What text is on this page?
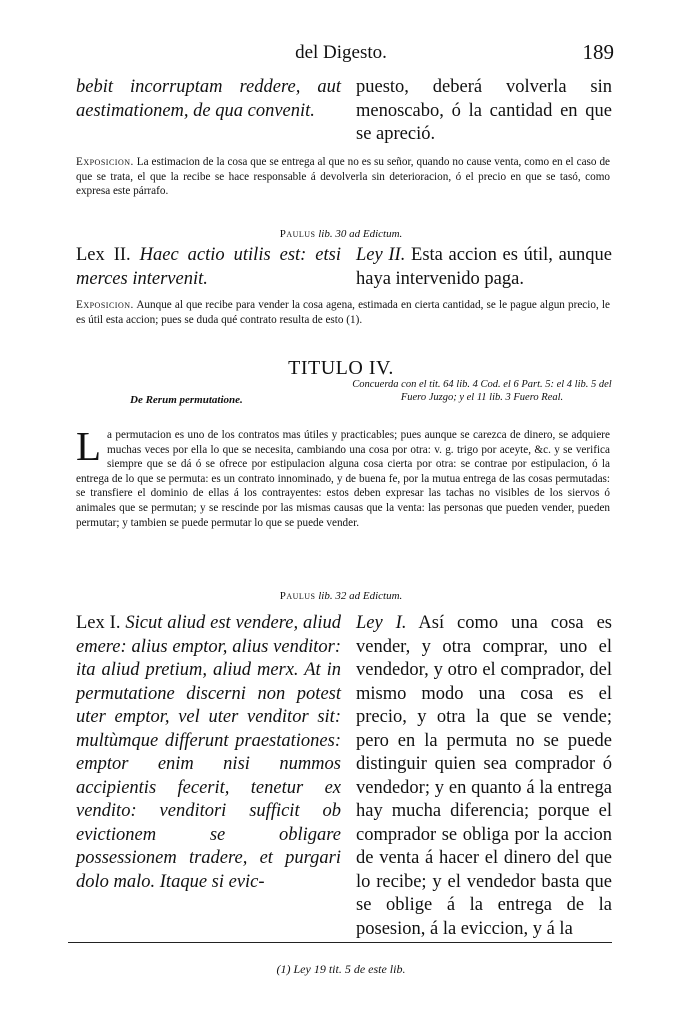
del Digesto.	189
bebit incorruptam reddere, aut aestimationem, de qua convenit.
puesto, deberá volverla sin menoscabo, ó la cantidad en que se apreció.
Exposicion. La estimacion de la cosa que se entrega al que no es su señor, quando no cause venta, como en el caso de que se trata, el que la recibe se hace responsable á devolverla sin deterioracion, ó el precio en que se tasó, como expresa este párrafo.
Paulus lib. 30 ad Edictum.
Lex II. Haec actio utilis est: etsi merces intervenit.
Ley II. Esta accion es útil, aunque haya intervenido paga.
Exposicion. Aunque al que recibe para vender la cosa agena, estimada en cierta cantidad, se le pague algun precio, le es útil esta accion; pues se duda qué contrato resulta de esto (1).
TITULO IV.
De Rerum permutatione.
Concuerda con el tit. 64 lib. 4 Cod. el 6 Part. 5: el 4 lib. 5 del Fuero Juzgo; y el 11 lib. 3 Fuero Real.
L a permutacion es uno de los contratos mas útiles y practicables; pues aunque se carezca de dinero, se adquiere muchas veces por ella lo que se necesita, cambiando una cosa por otra: v. g. trigo por aceyte, &c. y se verifica siempre que se dá ó se ofrece por estipulacion alguna cosa cierta por otra: se contrae por estipulacion, ó la entrega de lo que se permuta: es un contrato innominado, y de buena fe, por la mutua entrega de las cosas permutadas: se transfiere el dominio de ellas á los contrayentes: estos deben expresar las tachas no visibles de los siervos ó animales que se permutan; y se rescinde por las mismas causas que la venta: las personas que pueden vender, pueden permutar; y tambien se puede permutar lo que se puede vender.
Paulus lib. 32 ad Edictum.
Lex I. Sicut aliud est vendere, aliud emere: alius emptor, alius venditor: ita aliud pretium, aliud merx. At in permutatione discerni non potest uter emptor, vel uter venditor sit: multùmque differunt praestationes: emptor enim nisi nummos accipientis fecerit, tenetur ex vendito: venditori sufficit ob evictionem se obligare possessionem tradere, et purgari dolo malo. Itaque si evic-
Ley I. Así como una cosa es vender, y otra comprar, uno el vendedor, y otro el comprador, del mismo modo una cosa es el precio, y otra la que se vende; pero en la permuta no se puede distinguir quien sea comprador ó vendedor; y en quanto á la entrega hay mucha diferencia; porque el comprador se obliga por la accion de venta á hacer el dinero del que lo recibe; y el vendedor basta que se oblige á la entrega de la posesion, á la eviccion, y á la
(1) Ley 19 tit. 5 de este lib.
